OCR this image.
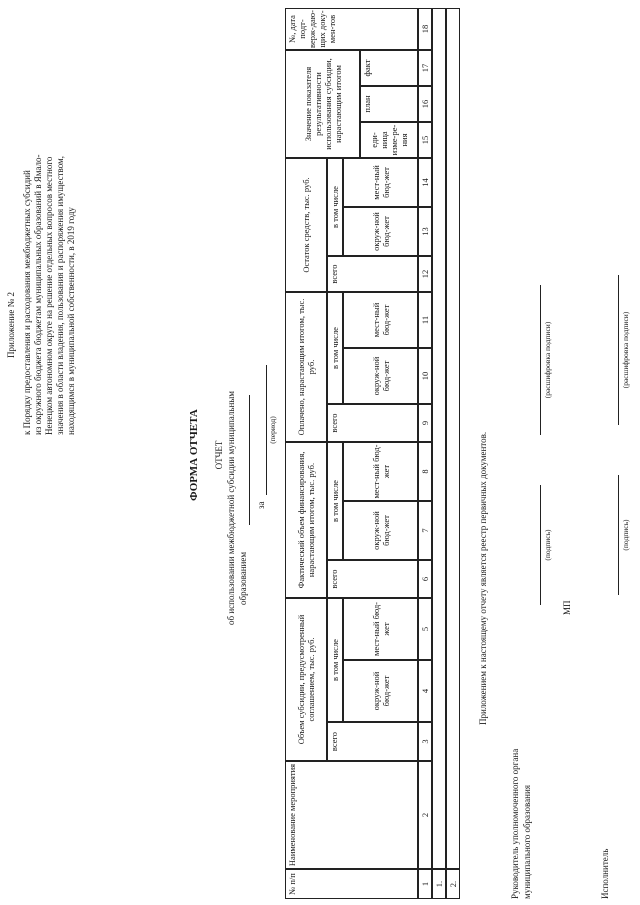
Приложение № 2 к Порядку предоставления и расходования межбюджетных субсидий из окружного бюджета бюджетам муниципальных образований в Ямало- Ненецком автономном округе на решение отдельных вопросов местного значения в области владения, пользования и распоряжения имуществом, находящимся в муниципальной собственности, в 2019 году
ФОРМА ОТЧЕТА ОТЧЕТ об использовании межбюджетной субсидии муниципальным образованием
за
(период)
№ п/п
Наименование мероприятия
Объем субсидии, предусмотренный соглашением, тыс. руб.
всего
в том числе
окруж-ной бюд-жет
мест-ный бюд-жет
Фактический объем финансирования, нарастающим итогом, тыс. руб.
всего
в том числе
окруж-ной бюд-жет
мест-ный бюд-жет
Оплачено, нарастающим итогом, тыс. руб.
всего
в том числе
окруж-ной бюд-жет
мест-ный бюд-жет
Остаток средств, тыс. руб.
всего
в том числе
окруж-ной бюд-жет
мест-ный бюд-жет
Значение показателя результативности использования субсидии, нарастающим итогом	еди-ница изме-ре-ния
план
факт
№, дата подт-верж-даю-щих доку-мен-тов
1
2
3
4
5
6
7
8
9
10
11
12
13
14
15
16
17
18
1. 2.
Приложением к настоящему отчету является реестр первичных документов.
Руководитель уполномоченного органа муниципального образования
(подпись)
(расшифровка подписи)
МП
Исполнитель
(подпись)
(расшифровка подписи)
